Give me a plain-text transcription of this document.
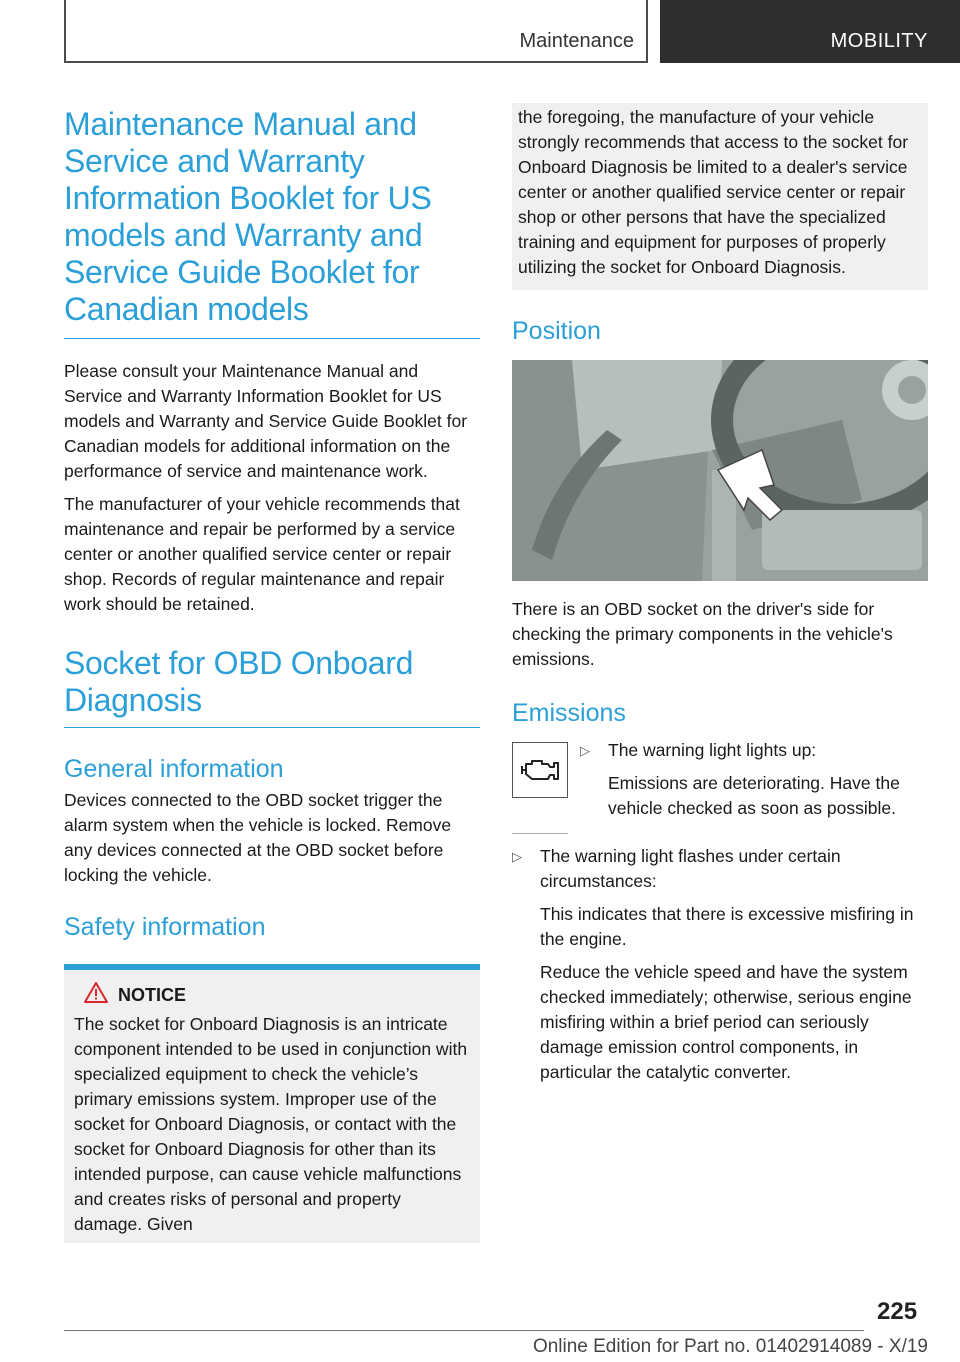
Maintenance	MOBILITY
Maintenance Manual and Service and Warranty Information Booklet for US models and Warranty and Service Guide Booklet for Canadian models

Please consult your Maintenance Manual and Service and Warranty Information Booklet for US models and Warranty and Service Guide Booklet for Canadian models for additional information on the performance of service and maintenance work.

The manufacturer of your vehicle recommends that maintenance and repair be performed by a service center or another qualified service center or repair shop. Records of regular maintenance and repair work should be retained.

Socket for OBD Onboard Diagnosis
General information

Devices connected to the OBD socket trigger the alarm system when the vehicle is locked. Remove any devices connected at the OBD socket before locking the vehicle.

Safety information
NOTICE

The socket for Onboard Diagnosis is an intricate component intended to be used in conjunction with specialized equipment to check the vehicle’s primary emissions system. Improper use of the socket for Onboard Diagnosis, or contact with the socket for Onboard Diagnosis for other than its intended purpose, can cause vehicle malfunctions and creates risks of personal and property damage. Given

the foregoing, the manufacture of your vehicle strongly recommends that access to the socket for Onboard Diagnosis be limited to a dealer's service center or another qualified service center or repair shop or other persons that have the specialized training and equipment for purposes of properly utilizing the socket for Onboard Diagnosis.

Position

There is an OBD socket on the driver's side for checking the primary components in the vehicle's emissions.

Emissions
▷ The warning light lights up:

Emissions are deteriorating. Have the vehicle checked as soon as possible.

▷ The warning light flashes under certain circumstances:

This indicates that there is excessive misfiring in the engine.

Reduce the vehicle speed and have the system checked immediately; otherwise, serious engine misfiring within a brief period can seriously damage emission control components, in particular the catalytic converter.

225
Online Edition for Part no. 01402914089 - X/19
